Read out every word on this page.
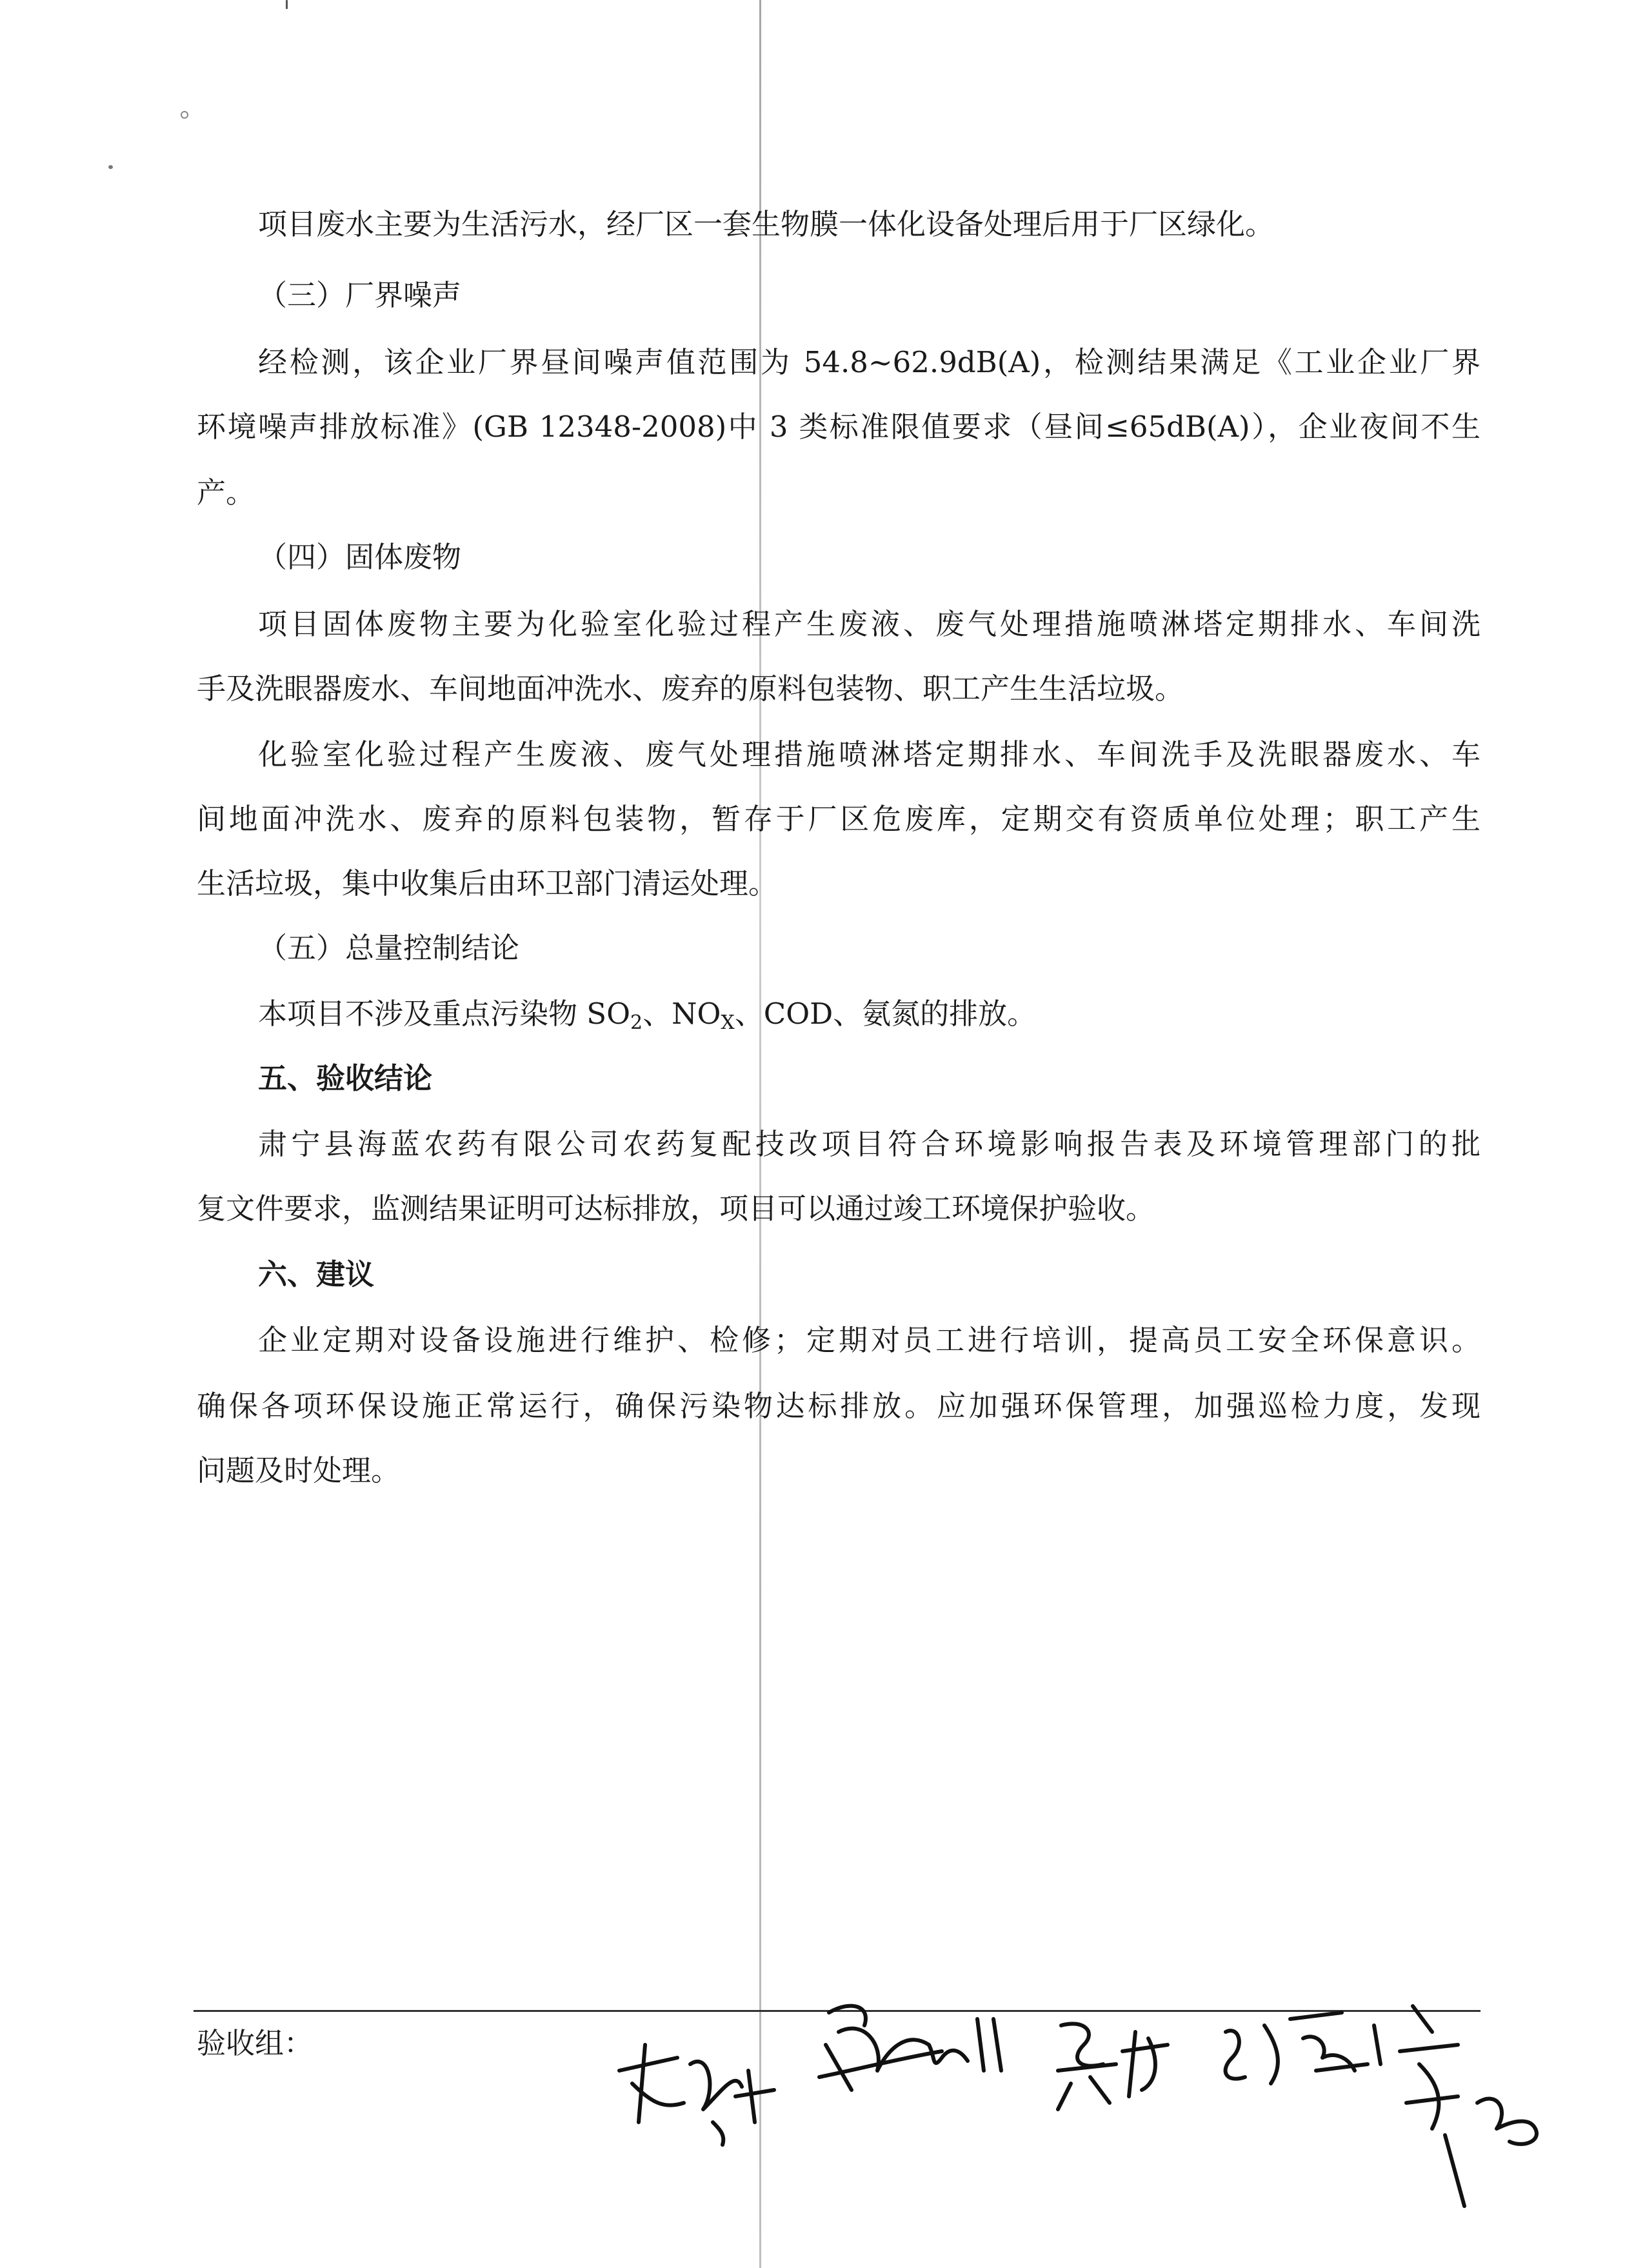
项目废水主要为生活污水，经厂区一套生物膜一体化设备处理后用于厂区绿化。
（三）厂界噪声
经检测，该企业厂界昼间噪声值范围为 54.8~62.9dB(A)，检测结果满足《工业企业厂界
环境噪声排放标准》(GB 12348-2008)中 3 类标准限值要求（昼间≤65dB(A)），企业夜间不生
产。
（四）固体废物
项目固体废物主要为化验室化验过程产生废液、废气处理措施喷淋塔定期排水、车间洗
手及洗眼器废水、车间地面冲洗水、废弃的原料包装物、职工产生生活垃圾。
化验室化验过程产生废液、废气处理措施喷淋塔定期排水、车间洗手及洗眼器废水、车
间地面冲洗水、废弃的原料包装物，暂存于厂区危废库，定期交有资质单位处理；职工产生
生活垃圾，集中收集后由环卫部门清运处理。
（五）总量控制结论
本项目不涉及重点污染物 $SO_2$、$NO_X$、COD、氨氮的排放。
五、验收结论
肃宁县海蓝农药有限公司农药复配技改项目符合环境影响报告表及环境管理部门的批
复文件要求，监测结果证明可达标排放，项目可以通过竣工环境保护验收。
六、建议
企业定期对设备设施进行维护、检修；定期对员工进行培训，提高员工安全环保意识。
确保各项环保设施正常运行，确保污染物达标排放。应加强环保管理，加强巡检力度，发现
问题及时处理。
验收组：
